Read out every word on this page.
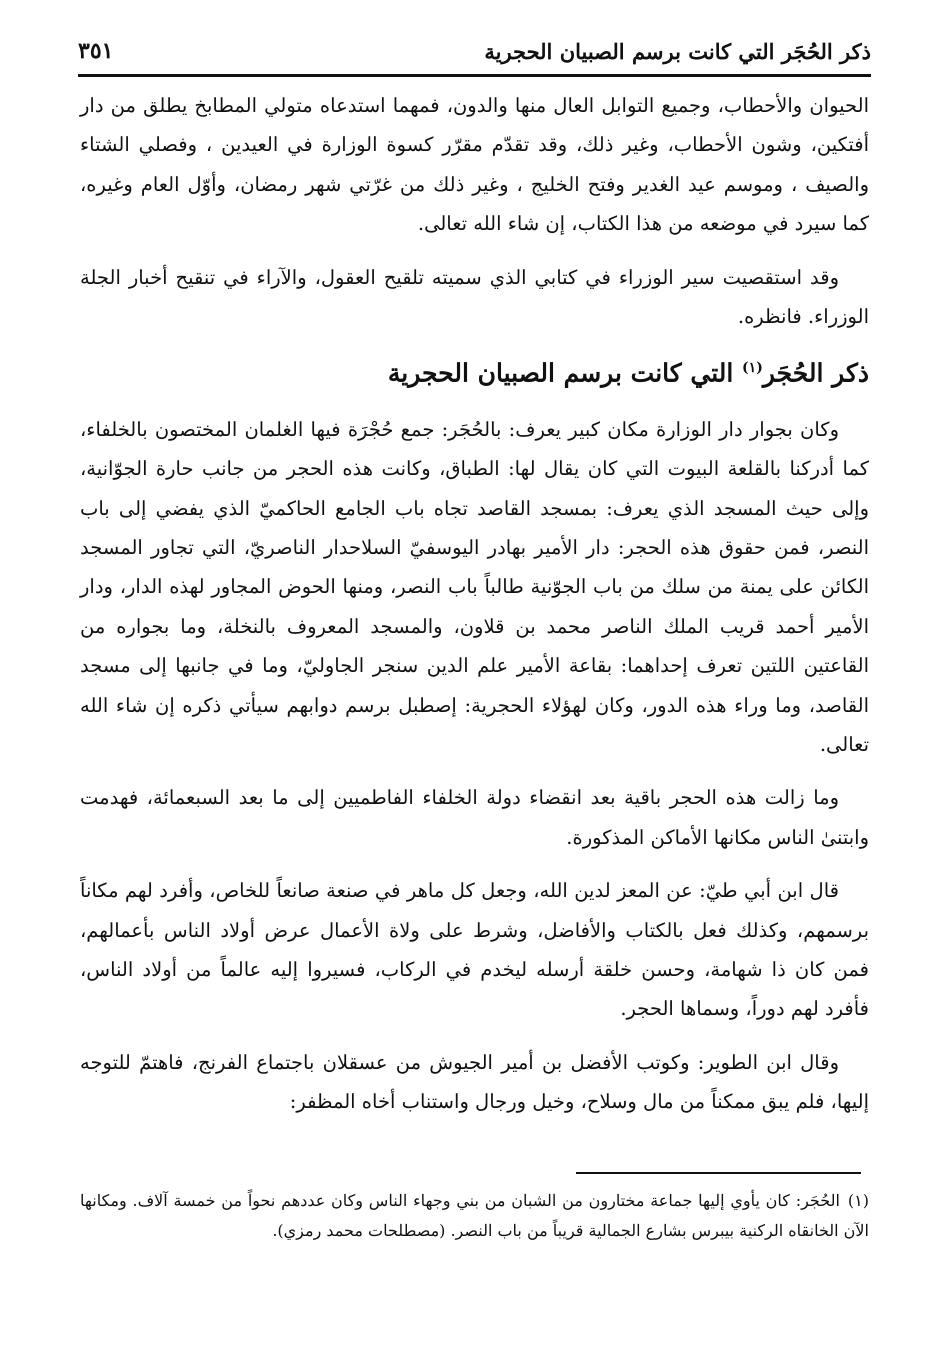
ذكر الحُجَر التي كانت برسم الصبيان الحجرية
٣٥١

الحيوان والأحطاب، وجميع التوابل العال منها والدون، فمهما استدعاه متولي المطابخ يطلق من دار أفتكين، وشون الأحطاب، وغير ذلك، وقد تقدّم مقرّر كسوة الوزارة في العيدين ، وفصلي الشتاء والصيف ، وموسم عيد الغدير وفتح الخليج ، وغير ذلك من غرّتي شهر رمضان، وأوّل العام وغيره، كما سيرد في موضعه من هذا الكتاب، إن شاء الله تعالى.

وقد استقصيت سير الوزراء في كتابي الذي سميته تلقيح العقول، والآراء في تنقيح أخبار الجلة الوزراء. فانظره.

ذكر الحُجَر$^{(١)}$ التي كانت برسم الصبيان الحجرية

وكان بجوار دار الوزارة مكان كبير يعرف: بالحُجَر: جمع حُجْرَة فيها الغلمان المختصون بالخلفاء، كما أدركنا بالقلعة البيوت التي كان يقال لها: الطباق، وكانت هذه الحجر من جانب حارة الجوّانية، وإلى حيث المسجد الذي يعرف: بمسجد القاصد تجاه باب الجامع الحاكميّ الذي يفضي إلى باب النصر، فمن حقوق هذه الحجر: دار الأمير بهادر اليوسفيّ السلاحدار الناصريّ، التي تجاور المسجد الكائن على يمنة من سلك من باب الجوّنية طالباً باب النصر، ومنها الحوض المجاور لهذه الدار، ودار الأمير أحمد قريب الملك الناصر محمد بن قلاون، والمسجد المعروف بالنخلة، وما بجواره من القاعتين اللتين تعرف إحداهما: بقاعة الأمير علم الدين سنجر الجاوليّ، وما في جانبها إلى مسجد القاصد، وما وراء هذه الدور، وكان لهؤلاء الحجرية: إصطبل برسم دوابهم سيأتي ذكره إن شاء الله تعالى.

وما زالت هذه الحجر باقية بعد انقضاء دولة الخلفاء الفاطميين إلى ما بعد السبعمائة، فهدمت وابتنىٰ الناس مكانها الأماكن المذكورة.

قال ابن أبي طيّ: عن المعز لدين الله، وجعل كل ماهر في صنعة صانعاً للخاص، وأفرد لهم مكاناً برسمهم، وكذلك فعل بالكتاب والأفاضل، وشرط على ولاة الأعمال عرض أولاد الناس بأعمالهم، فمن كان ذا شهامة، وحسن خلقة أرسله ليخدم في الركاب، فسيروا إليه عالماً من أولاد الناس، فأفرد لهم دوراً، وسماها الحجر.

وقال ابن الطوير: وكوتب الأفضل بن أمير الجيوش من عسقلان باجتماع الفرنج، فاهتمّ للتوجه إليها، فلم يبق ممكناً من مال وسلاح، وخيل ورجال واستناب أخاه المظفر:

(١)الحُجَر: كان يأوي إليها جماعة مختارون من الشبان من بني وجهاء الناس وكان عددهم نحواً من خمسة آلاف. ومكانها الآن الخانقاه الركنية بيبرس بشارع الجمالية قريباً من باب النصر. (مصطلحات محمد رمزي).
